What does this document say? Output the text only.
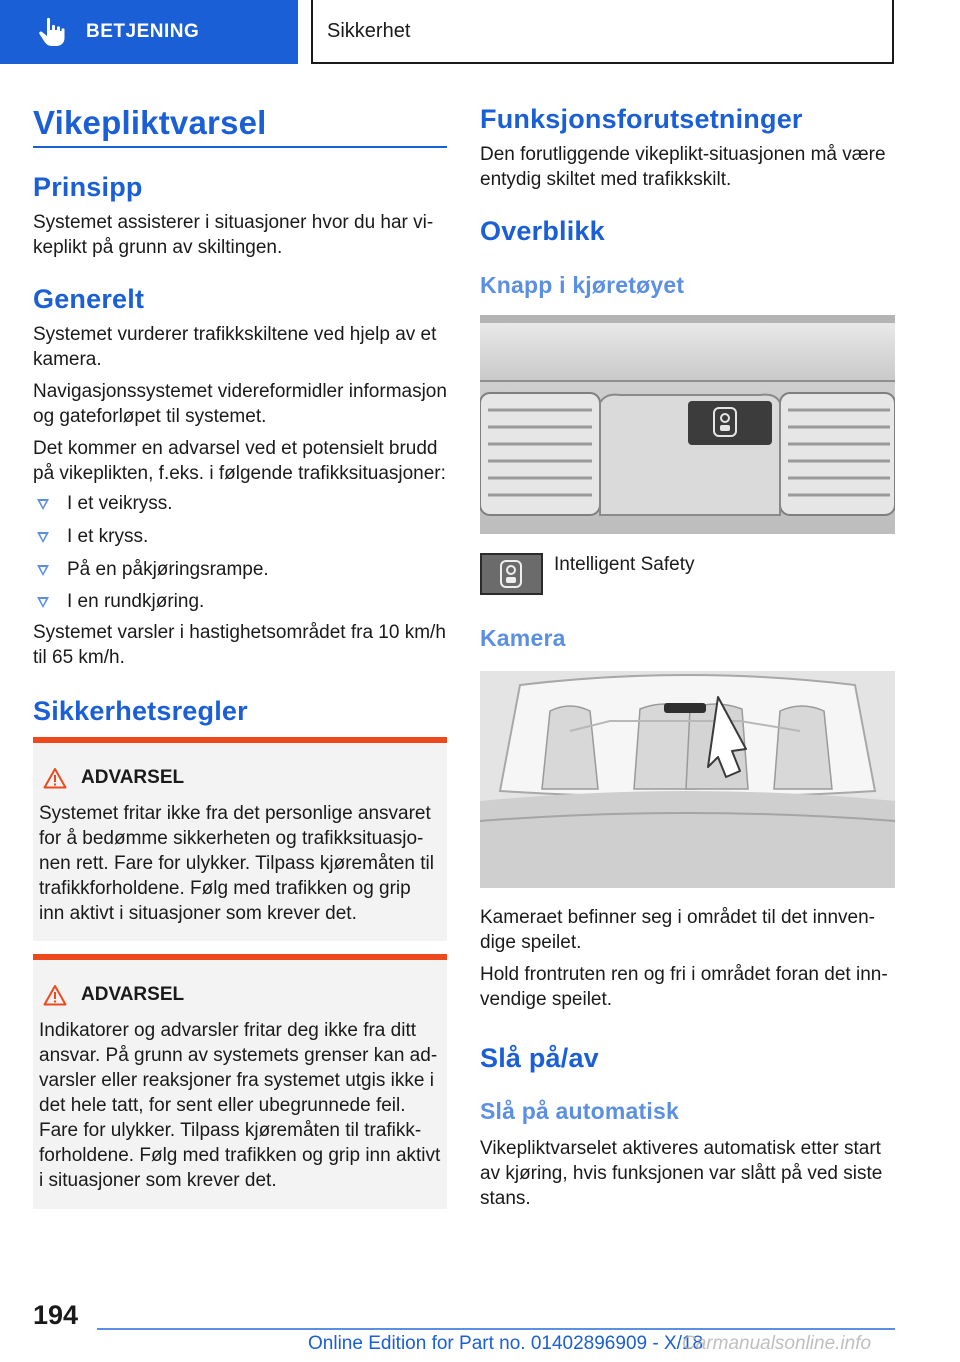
BETJENING	Sikkerhet
Vikepliktvarsel
Prinsipp
Systemet assisterer i situasjoner hvor du har vi-
keplikt på grunn av skiltingen.
Generelt
Systemet vurderer trafikkskiltene ved hjelp av et
kamera.
Navigasjonssystemet videreformidler informasjon
og gateforløpet til systemet.
Det kommer en advarsel ved et potensielt brudd
på vikeplikten, f.eks. i følgende trafikksituasjoner:
I et veikryss.
I et kryss.
På en påkjøringsrampe.
I en rundkjøring.
Systemet varsler i hastighetsområdet fra 10 km/h
til 65 km/h.
Sikkerhetsregler
ADVARSEL
Systemet fritar ikke fra det personlige ansvaret
for å bedømme sikkerheten og trafikksituasjo-
nen rett. Fare for ulykker. Tilpass kjøremåten til
trafikkforholdene. Følg med trafikken og grip
inn aktivt i situasjoner som krever det.
ADVARSEL
Indikatorer og advarsler fritar deg ikke fra ditt
ansvar. På grunn av systemets grenser kan ad-
varsler eller reaksjoner fra systemet utgis ikke i
det hele tatt, for sent eller ubegrunnede feil.
Fare for ulykker. Tilpass kjøremåten til trafikk-
forholdene. Følg med trafikken og grip inn aktivt
i situasjoner som krever det.
Funksjonsforutsetninger
Den forutliggende vikeplikt-situasjonen må være
entydig skiltet med trafikkskilt.
Overblikk
Knapp i kjøretøyet
Intelligent Safety
Kamera
Kameraet befinner seg i området til det innven-
dige speilet.
Hold frontruten ren og fri i området foran det inn-
vendige speilet.
Slå på/av
Slå på automatisk
Vikepliktvarselet aktiveres automatisk etter start
av kjøring, hvis funksjonen var slått på ved siste
stans.
194
Online Edition for Part no. 01402896909 - X/18
Carmanualsonline.info
